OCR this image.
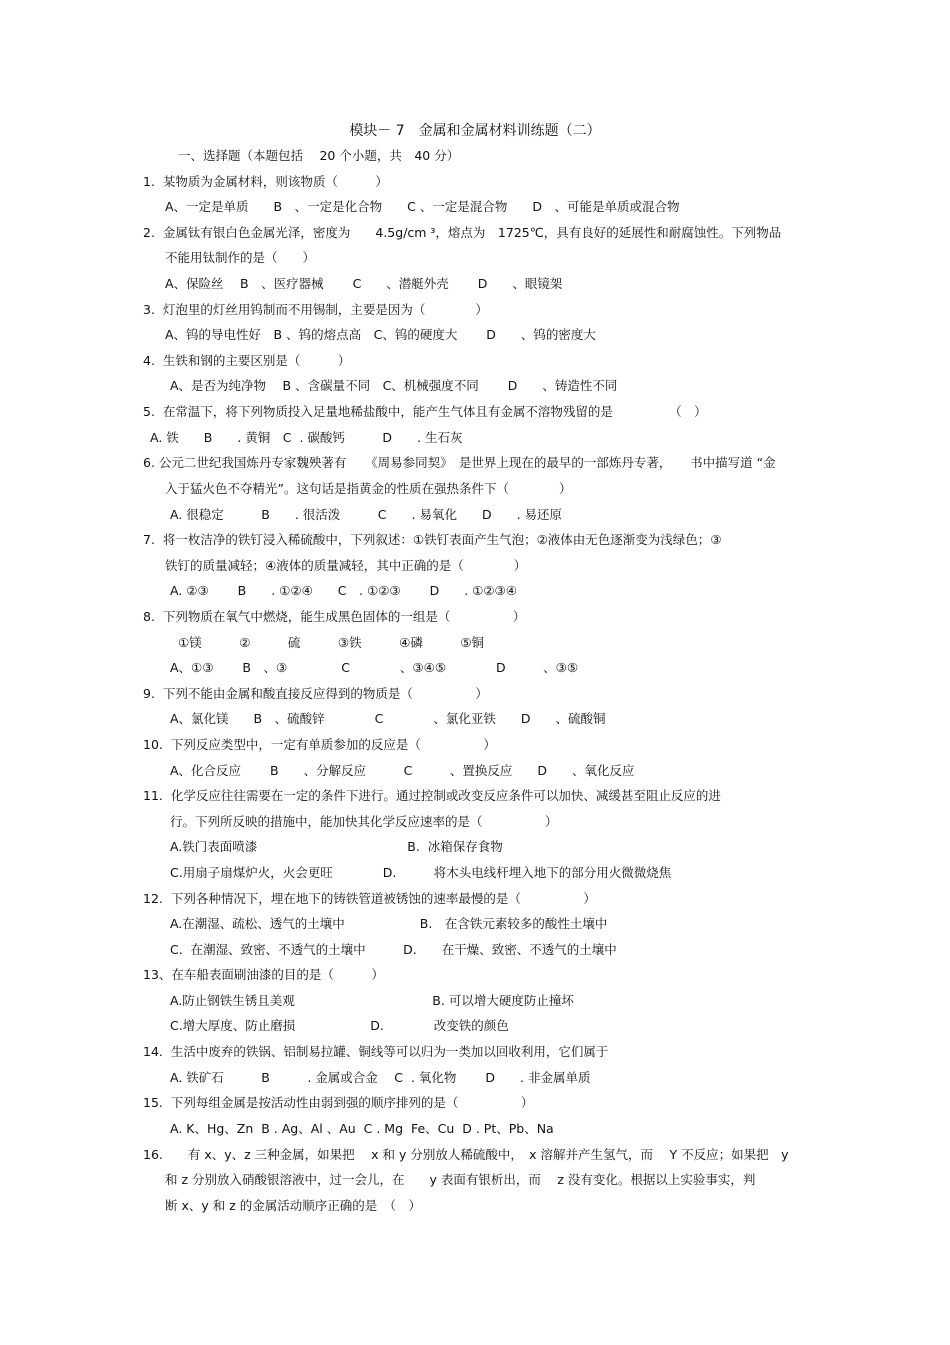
模块－ 7　金属和金属材料训练题（二）
一、选择题（本题包括　 20 个小题，共　40 分）
1.  某物质为金属材料，则该物质（　　　）
A、一定是单质　　B　、一定是化合物　　C 、一定是混合物　　D　、可能是单质或混合物
2.  金属钛有银白色金属光泽，密度为　　4.5g/cm ³，熔点为　1725℃，具有良好的延展性和耐腐蚀性。下列物品
不能用钛制作的是（　　）
A、保险丝　 B　、医疗器械　　 C　　、潜艇外壳　　 D　　、眼镜架
3.  灯泡里的灯丝用钨制而不用锡制，主要是因为（　　　　）
A、钨的导电性好　B 、钨的熔点高　C、钨的硬度大　　 D　　、钨的密度大
4.  生铁和钢的主要区别是（　　　）
A、是否为纯净物　 B 、含碳量不同　C、机械强度不同　　 D　　、铸造性不同
5.  在常温下，将下列物质投入足量地稀盐酸中，能产生气体且有金属不溶物残留的是　　　　　（　）
A. 铁　　B　　. 黄铜　C  . 碳酸钙　　　D　　. 生石灰
6. 公元二世纪我国炼丹专家魏殃著有　　《周易参同契》　是世界上现在的最早的一部炼丹专著，　　书中描写道 “金
入于猛火色不夺精光”。这句话是指黄金的性质在强热条件下（　　　　）
A. 很稳定　　　B　　. 很活泼　　　C　　. 易氧化　　D　　. 易还原
7.  将一枚洁净的铁钉浸入稀硫酸中，下列叙述：①铁钉表面产生气泡；②液体由无色逐渐变为浅绿色；③
铁钉的质量减轻；④液体的质量减轻，其中正确的是（　　　　）
A. ②③　　 B　　. ①②④　　C　. ①②③　　 D　　. ①②③④
8.  下列物质在氧气中燃烧，能生成黑色固体的一组是（　　　　　）
①镁　　　②　　　硫　　　③铁　　　④磷　　　⑤铜
A、①③　　 B　、③　　　　 C　　　　、③④⑤　　　　D　　　、③⑤
9.  下列不能由金属和酸直接反应得到的物质是（　　　　　）
A、氯化镁　　B　、硫酸锌　　　　C　　　　、氯化亚铁　　D　　、硫酸铜
10.  下列反应类型中，一定有单质参加的反应是（　　　　　）
A、化合反应　　 B　　、分解反应　　　C　　　、置换反应　　D　　、氧化反应
11.  化学反应往往需要在一定的条件下进行。通过控制或改变反应条件可以加快、减缓甚至阻止反应的进
行。下列所反映的措施中，能加快其化学反应速率的是（　　　　　）
A.铁门表面喷漆　　　　　　　　　　　　B.  冰箱保存食物
C.用扇子扇煤炉火，火会更旺　　　　D.　　　将木头电线杆埋入地下的部分用火微微烧焦
12.  下列各种情况下，埋在地下的铸铁管道被锈蚀的速率最慢的是（　　　　　）
A.在潮湿、疏松、透气的土壤中　　　　　　B.　在含铁元素较多的酸性土壤中
C.  在潮湿、致密、不透气的土壤中　　　D.　　在干燥、致密、不透气的土壤中
13、在车船表面刷油漆的目的是（　　　）
A.防止钢铁生锈且美观　　　　　　　　　　　B. 可以增大硬度防止撞坏
C.增大厚度、防止磨损　　　　　　D.　　　　改变铁的颜色
14.  生活中废弃的铁锅、铝制易拉罐、铜线等可以归为一类加以回收利用，它们属于
A. 铁矿石　　　B　　　. 金属或合金　 C  . 氧化物　　 D　　. 非金属单质
15.  下列每组金属是按活动性由弱到强的顺序排列的是（　　　　　）
A. K、Hg、Zn  B . Ag、Al 、Au  C . Mg  Fe、Cu  D . Pt、Pb、Na
16.　　有 x、y、z 三种金属，如果把　 x 和 y 分别放人稀硫酸中，　x 溶解并产生氢气，而　 Y 不反应；如果把　y
和 z 分别放入硝酸银溶液中，过一会儿，在　　y 表面有银析出，而　 z 没有变化。根据以上实验事实，判
断 x、y 和 z 的金属活动顺序正确的是　（　）
